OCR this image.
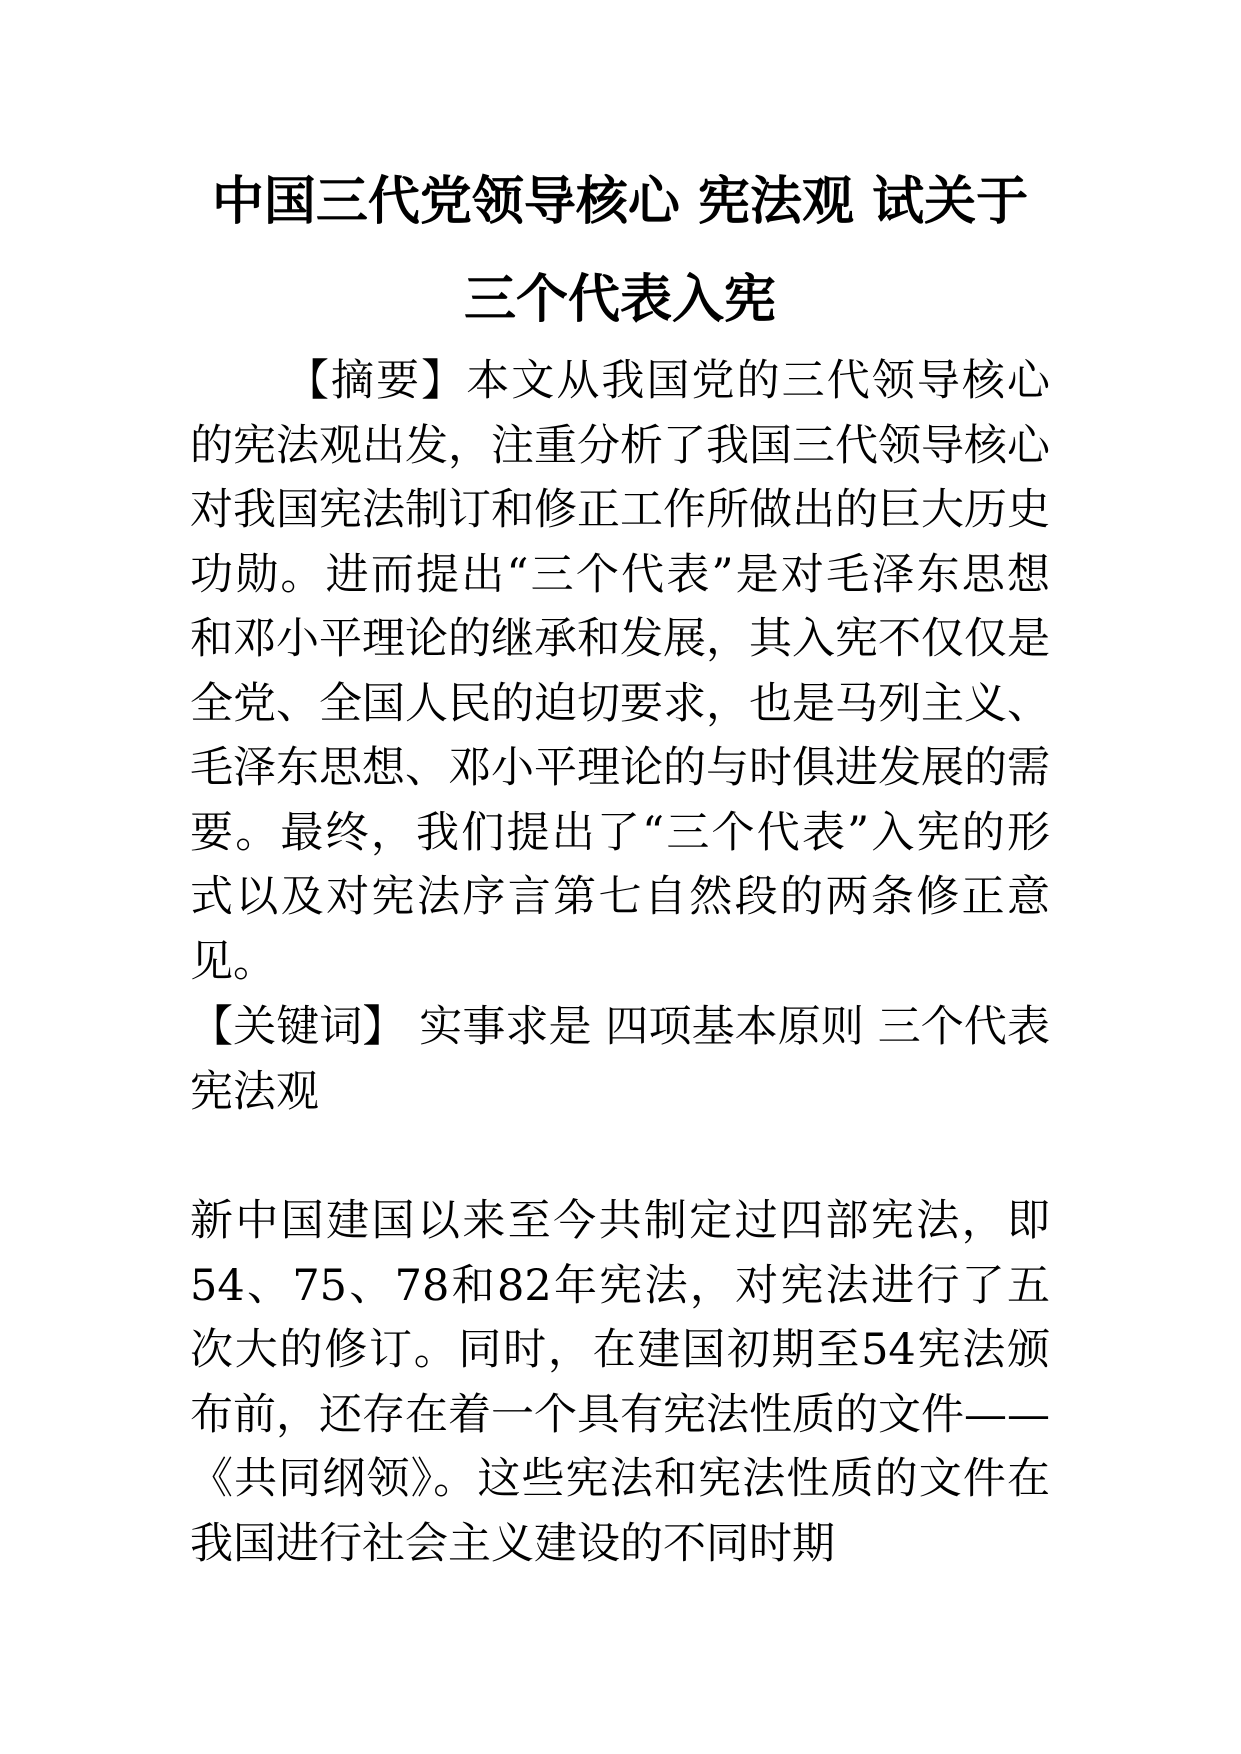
中国三代党领导核心 宪法观 试关于
三个代表入宪
【摘要】本文从我国党的三代领导核心的宪法观出发，注重分析了我国三代领导核心对我国宪法制订和修正工作所做出的巨大历史功勋。进而提出“三个代表”是对毛泽东思想和邓小平理论的继承和发展，其入宪不仅仅是全党、全国人民的迫切要求，也是马列主义、毛泽东思想、邓小平理论的与时俱进发展的需要。最终，我们提出了“三个代表”入宪的形式以及对宪法序言第七自然段的两条修正意见。
【关键词】 实事求是 四项基本原则 三个代表  宪法观
新中国建国以来至今共制定过四部宪法，即54、75、78和82年宪法，对宪法进行了五次大的修订。同时，在建国初期至54宪法颁布前，还存在着一个具有宪法性质的文件——《共同纲领》。这些宪法和宪法性质的文件在我国进行社会主义建设的不同时期
